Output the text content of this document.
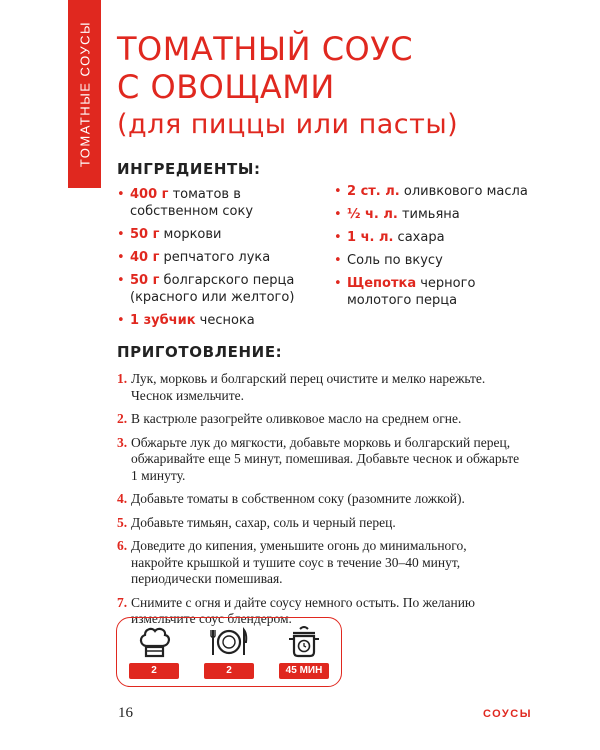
ТОМАТНЫЕ СОУСЫ ТОМАТНЫЙ СОУС
С ОВОЩАМИ
(для пиццы или пасты)
ИНГРЕДИЕНТЫ:
• 400 г томатов в собственном соку
• 50 г моркови
• 40 г репчатого лука
• 50 г болгарского перца (красного или желтого)
• 1 зубчик чеснока
• 2 ст. л. оливкового масла
• ½ ч. л. тимьяна
• 1 ч. л. сахара
• Соль по вкусу
• Щепотка черного молотого перца
ПРИГОТОВЛЕНИЕ:
1. Лук, морковь и болгарский перец очистите и мелко нарежьте. Чеснок измельчите.
2. В кастрюле разогрейте оливковое масло на среднем огне.
3. Обжарьте лук до мягкости, добавьте морковь и болгарский перец, обжаривайте еще 5 минут, помешивая. Добавьте чеснок и обжарьте 1 минуту.
4. Добавьте томаты в собственном соку (разомните ложкой).
5. Добавьте тимьян, сахар, соль и черный перец.
6. Доведите до кипения, уменьшите огонь до минимального, накройте крышкой и тушите соус в течение 30–40 минут, периодически помешивая.
7. Снимите с огня и дайте соусу немного остыть. По желанию измельчите соус блендером.
2	2	45 МИН
16	СОУСЫ
